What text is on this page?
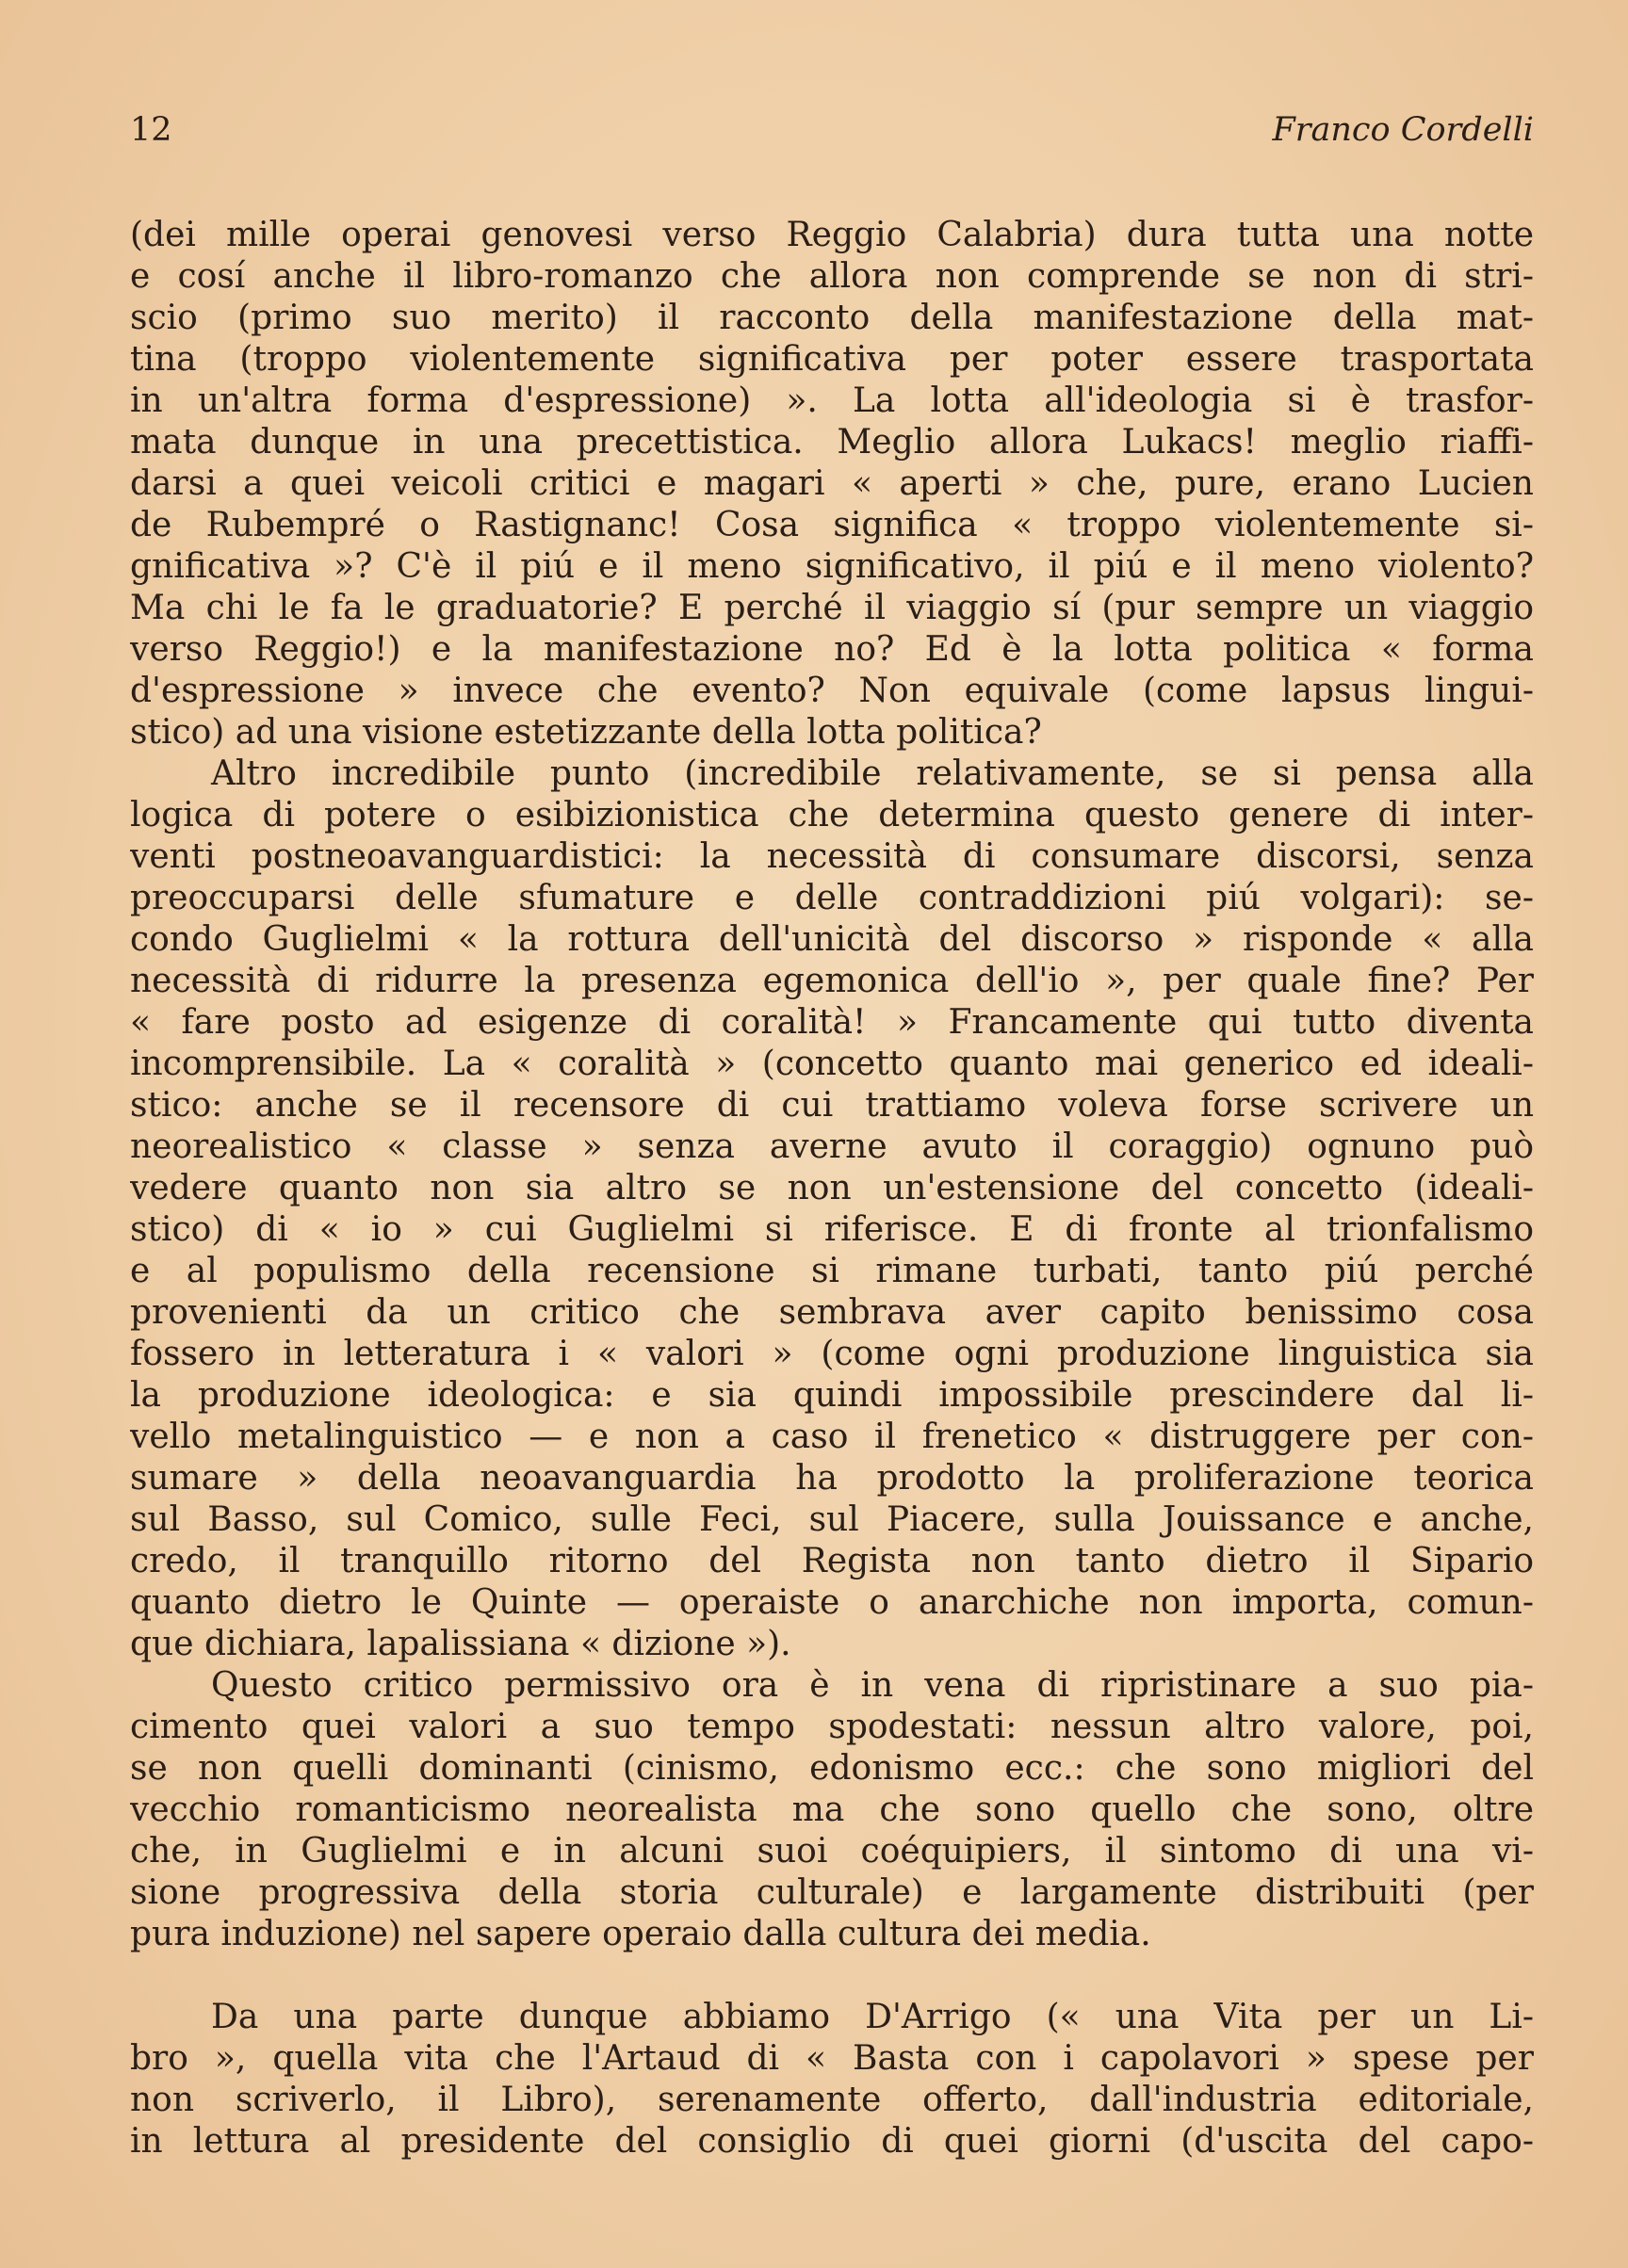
12	Franco Cordelli
(dei mille operai genovesi verso Reggio Calabria) dura tutta una notte
e cosí anche il libro-romanzo che allora non comprende se non di stri-
scio (primo suo merito) il racconto della manifestazione della mat-
tina (troppo violentemente significativa per poter essere trasportata
in un'altra forma d'espressione) ». La lotta all'ideologia si è trasfor-
mata dunque in una precettistica. Meglio allora Lukacs! meglio riaffi-
darsi a quei veicoli critici e magari « aperti » che, pure, erano Lucien
de Rubempré o Rastignanc! Cosa significa « troppo violentemente si-
gnificativa »? C'è il piú e il meno significativo, il piú e il meno violento?
Ma chi le fa le graduatorie? E perché il viaggio sí (pur sempre un viaggio
verso Reggio!) e la manifestazione no? Ed è la lotta politica « forma
d'espressione » invece che evento? Non equivale (come lapsus lingui-
stico) ad una visione estetizzante della lotta politica?
Altro incredibile punto (incredibile relativamente, se si pensa alla
logica di potere o esibizionistica che determina questo genere di inter-
venti postneoavanguardistici: la necessità di consumare discorsi, senza
preoccuparsi delle sfumature e delle contraddizioni piú volgari): se-
condo Guglielmi « la rottura dell'unicità del discorso » risponde « alla
necessità di ridurre la presenza egemonica dell'io », per quale fine? Per
« fare posto ad esigenze di coralità! » Francamente qui tutto diventa
incomprensibile. La « coralità » (concetto quanto mai generico ed ideali-
stico: anche se il recensore di cui trattiamo voleva forse scrivere un
neorealistico « classe » senza averne avuto il coraggio) ognuno può
vedere quanto non sia altro se non un'estensione del concetto (ideali-
stico) di « io » cui Guglielmi si riferisce. E di fronte al trionfalismo
e al populismo della recensione si rimane turbati, tanto piú perché
provenienti da un critico che sembrava aver capito benissimo cosa
fossero in letteratura i « valori » (come ogni produzione linguistica sia
la produzione ideologica: e sia quindi impossibile prescindere dal li-
vello metalinguistico — e non a caso il frenetico « distruggere per con-
sumare » della neoavanguardia ha prodotto la proliferazione teorica
sul Basso, sul Comico, sulle Feci, sul Piacere, sulla Jouissance e anche,
credo, il tranquillo ritorno del Regista non tanto dietro il Sipario
quanto dietro le Quinte — operaiste o anarchiche non importa, comun-
que dichiara, lapalissiana « dizione »).
Questo critico permissivo ora è in vena di ripristinare a suo pia-
cimento quei valori a suo tempo spodestati: nessun altro valore, poi,
se non quelli dominanti (cinismo, edonismo ecc.: che sono migliori del
vecchio romanticismo neorealista ma che sono quello che sono, oltre
che, in Guglielmi e in alcuni suoi coéquipiers, il sintomo di una vi-
sione progressiva della storia culturale) e largamente distribuiti (per
pura induzione) nel sapere operaio dalla cultura dei media.
Da una parte dunque abbiamo D'Arrigo (« una Vita per un Li-
bro », quella vita che l'Artaud di « Basta con i capolavori » spese per
non scriverlo, il Libro), serenamente offerto, dall'industria editoriale,
in lettura al presidente del consiglio di quei giorni (d'uscita del capo-
